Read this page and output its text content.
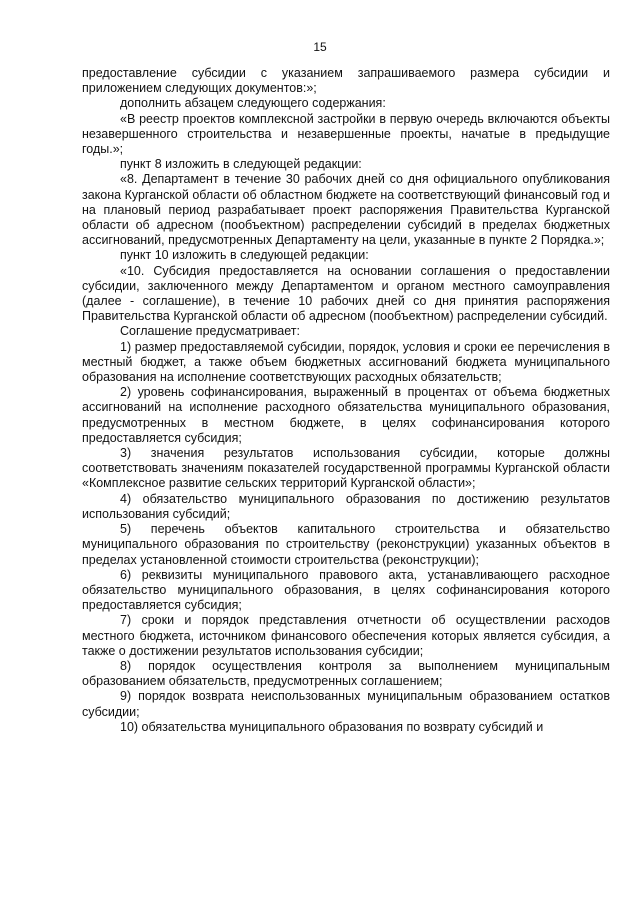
15

предоставление субсидии с указанием запрашиваемого размера субсидии и приложением следующих документов:»;

дополнить абзацем следующего содержания:

«В реестр проектов комплексной застройки в первую очередь включаются объекты незавершенного строительства и незавершенные проекты, начатые в предыдущие годы.»;

пункт 8 изложить в следующей редакции:

«8. Департамент в течение 30 рабочих дней со дня официального опубликования закона Курганской области об областном бюджете на соответствующий финансовый год и на плановый период разрабатывает проект распоряжения Правительства Курганской области об адресном (пообъектном) распределении субсидий в пределах бюджетных ассигнований, предусмотренных Департаменту на цели, указанные в пункте 2 Порядка.»;

пункт 10 изложить в следующей редакции:

«10. Субсидия предоставляется на основании соглашения о предоставлении субсидии, заключенного между Департаментом и органом местного самоуправления (далее - соглашение), в течение 10 рабочих дней со дня принятия распоряжения Правительства Курганской области об адресном (пообъектном) распределении субсидий.

Соглашение предусматривает:

1) размер предоставляемой субсидии, порядок, условия и сроки ее перечисления в местный бюджет, а также объем бюджетных ассигнований бюджета муниципального образования на исполнение соответствующих расходных обязательств;

2) уровень софинансирования, выраженный в процентах от объема бюджетных ассигнований на исполнение расходного обязательства муниципального образования, предусмотренных в местном бюджете, в целях софинансирования которого предоставляется субсидия;

3) значения результатов использования субсидии, которые должны соответствовать значениям показателей государственной программы Курганской области «Комплексное развитие сельских территорий Курганской области»;

4) обязательство муниципального образования по достижению результатов использования субсидий;

5) перечень объектов капитального строительства и обязательство муниципального образования по строительству (реконструкции) указанных объектов в пределах установленной стоимости строительства (реконструкции);

6) реквизиты муниципального правового акта, устанавливающего расходное обязательство муниципального образования, в целях софинансирования которого предоставляется субсидия;

7) сроки и порядок представления отчетности об осуществлении расходов местного бюджета, источником финансового обеспечения которых является субсидия, а также о достижении результатов использования субсидии;

8) порядок осуществления контроля за выполнением муниципальным образованием обязательств, предусмотренных соглашением;

9) порядок возврата неиспользованных муниципальным образованием остатков субсидии;

10) обязательства муниципального образования по возврату субсидий и
